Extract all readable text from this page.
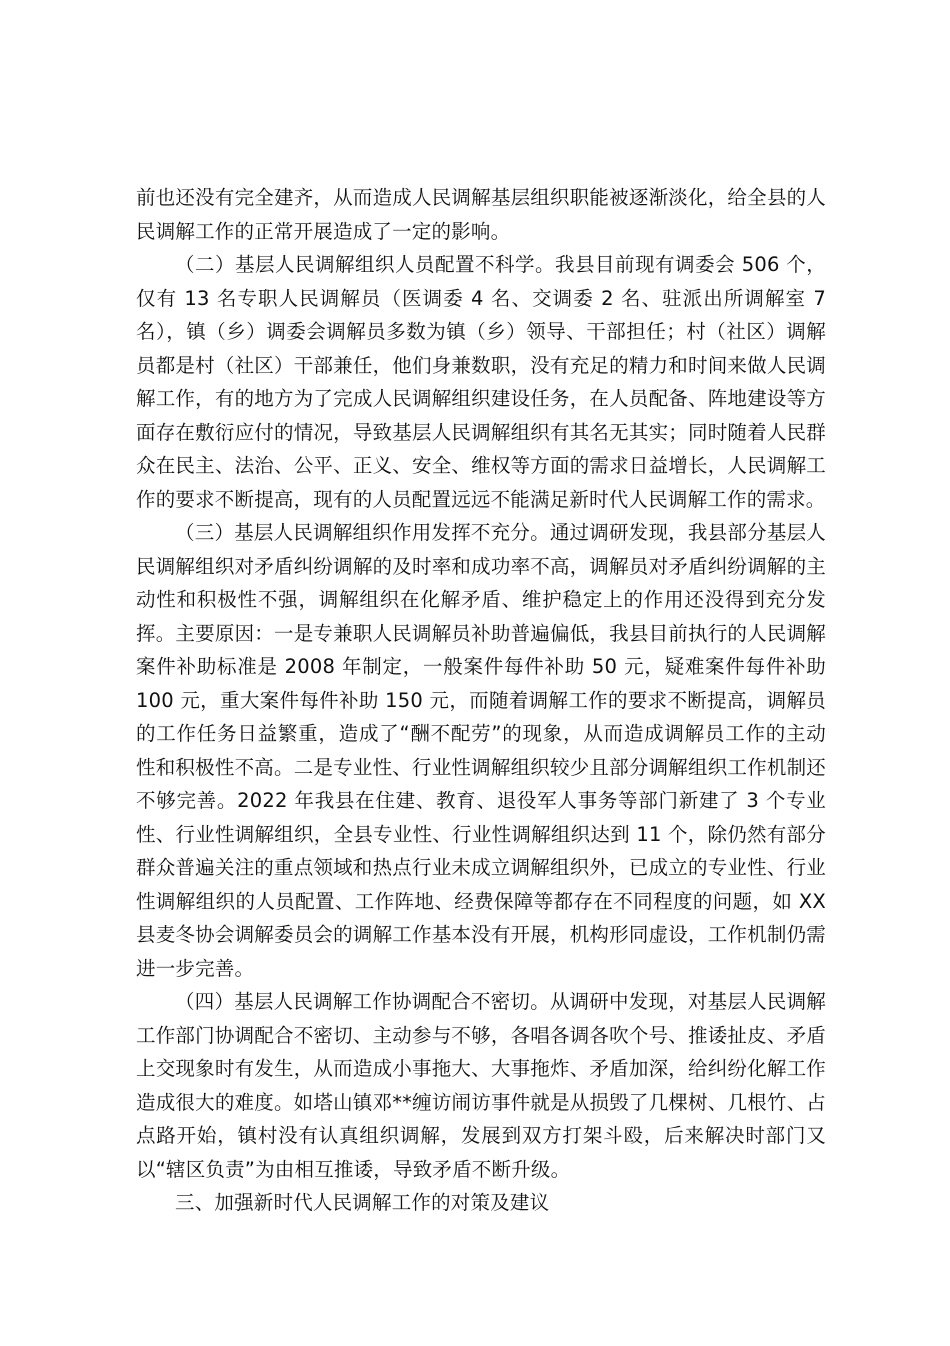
前也还没有完全建齐，从而造成人民调解基层组织职能被逐渐淡化，给全县的人民调解工作的正常开展造成了一定的影响。

（二）基层人民调解组织人员配置不科学。我县目前现有调委会 506 个，仅有 13 名专职人民调解员（医调委 4 名、交调委 2 名、驻派出所调解室 7 名），镇（乡）调委会调解员多数为镇（乡）领导、干部担任；村（社区）调解员都是村（社区）干部兼任，他们身兼数职，没有充足的精力和时间来做人民调解工作，有的地方为了完成人民调解组织建设任务，在人员配备、阵地建设等方面存在敷衍应付的情况，导致基层人民调解组织有其名无其实；同时随着人民群众在民主、法治、公平、正义、安全、维权等方面的需求日益增长，人民调解工作的要求不断提高，现有的人员配置远远不能满足新时代人民调解工作的需求。

（三）基层人民调解组织作用发挥不充分。通过调研发现，我县部分基层人民调解组织对矛盾纠纷调解的及时率和成功率不高，调解员对矛盾纠纷调解的主动性和积极性不强，调解组织在化解矛盾、维护稳定上的作用还没得到充分发挥。主要原因：一是专兼职人民调解员补助普遍偏低，我县目前执行的人民调解案件补助标准是 2008 年制定，一般案件每件补助 50 元，疑难案件每件补助 100 元，重大案件每件补助 150 元，而随着调解工作的要求不断提高，调解员的工作任务日益繁重，造成了“酬不配劳”的现象，从而造成调解员工作的主动性和积极性不高。二是专业性、行业性调解组织较少且部分调解组织工作机制还不够完善。2022 年我县在住建、教育、退役军人事务等部门新建了 3 个专业性、行业性调解组织，全县专业性、行业性调解组织达到 11 个，除仍然有部分群众普遍关注的重点领域和热点行业未成立调解组织外，已成立的专业性、行业性调解组织的人员配置、工作阵地、经费保障等都存在不同程度的问题，如 XX 县麦冬协会调解委员会的调解工作基本没有开展，机构形同虚设，工作机制仍需进一步完善。

（四）基层人民调解工作协调配合不密切。从调研中发现，对基层人民调解工作部门协调配合不密切、主动参与不够，各唱各调各吹个号、推诿扯皮、矛盾上交现象时有发生，从而造成小事拖大、大事拖炸、矛盾加深，给纠纷化解工作造成很大的难度。如塔山镇邓**缠访闹访事件就是从损毁了几棵树、几根竹、占点路开始，镇村没有认真组织调解，发展到双方打架斗殴，后来解决时部门又以“辖区负责”为由相互推诿，导致矛盾不断升级。

三、加强新时代人民调解工作的对策及建议
